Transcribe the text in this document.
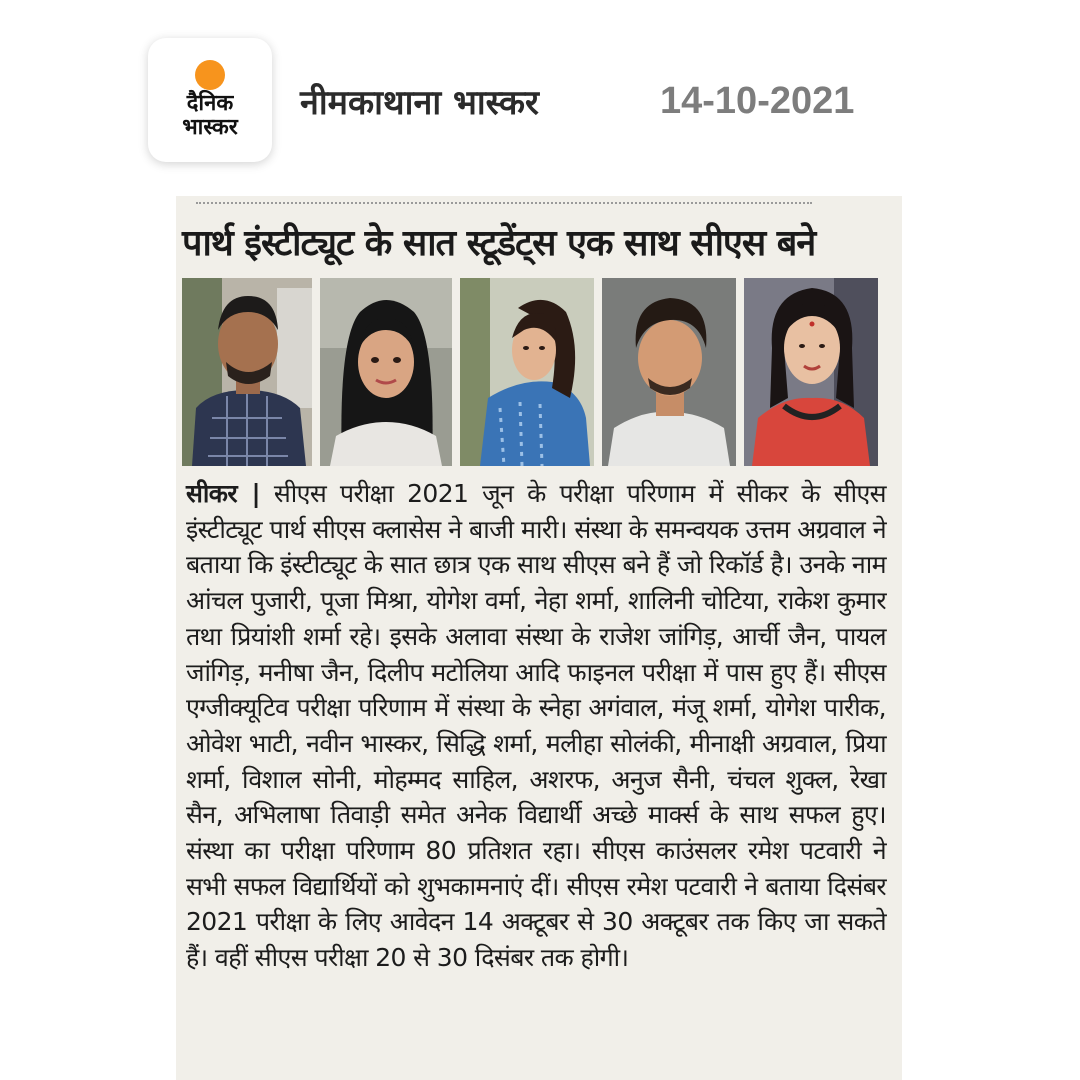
दैनिक भास्कर
नीमकाथाना भास्कर	14-10-2021
पार्थ इंस्टीट्यूट के सात स्टूडेंट्स एक साथ सीएस बने
सीकर | सीएस परीक्षा 2021 जून के परीक्षा परिणाम में सीकर के सीएस इंस्टीट्यूट पार्थ सीएस क्लासेस ने बाजी मारी। संस्था के समन्वयक उत्तम अग्रवाल ने बताया कि इंस्टीट्यूट के सात छात्र एक साथ सीएस बने हैं जो रिकॉर्ड है। उनके नाम आंचल पुजारी, पूजा मिश्रा, योगेश वर्मा, नेहा शर्मा, शालिनी चोटिया, राकेश कुमार तथा प्रियांशी शर्मा रहे। इसके अलावा संस्था के राजेश जांगिड़, आर्ची जैन, पायल जांगिड़, मनीषा जैन, दिलीप मटोलिया आदि फाइनल परीक्षा में पास हुए हैं। सीएस एग्जीक्यूटिव परीक्षा परिणाम में संस्था के स्नेहा अगंवाल, मंजू शर्मा, योगेश पारीक, ओवेश भाटी, नवीन भास्कर, सिद्धि शर्मा, मलीहा सोलंकी, मीनाक्षी अग्रवाल, प्रिया शर्मा, विशाल सोनी, मोहम्मद साहिल, अशरफ, अनुज सैनी, चंचल शुक्ल, रेखा सैन, अभिलाषा तिवाड़ी समेत अनेक विद्यार्थी अच्छे मार्क्स के साथ सफल हुए। संस्था का परीक्षा परिणाम 80 प्रतिशत रहा। सीएस काउंसलर रमेश पटवारी ने सभी सफल विद्यार्थियों को शुभकामनाएं दीं। सीएस रमेश पटवारी ने बताया दिसंबर 2021 परीक्षा के लिए आवेदन 14 अक्टूबर से 30 अक्टूबर तक किए जा सकते हैं। वहीं सीएस परीक्षा 20 से 30 दिसंबर तक होगी।
